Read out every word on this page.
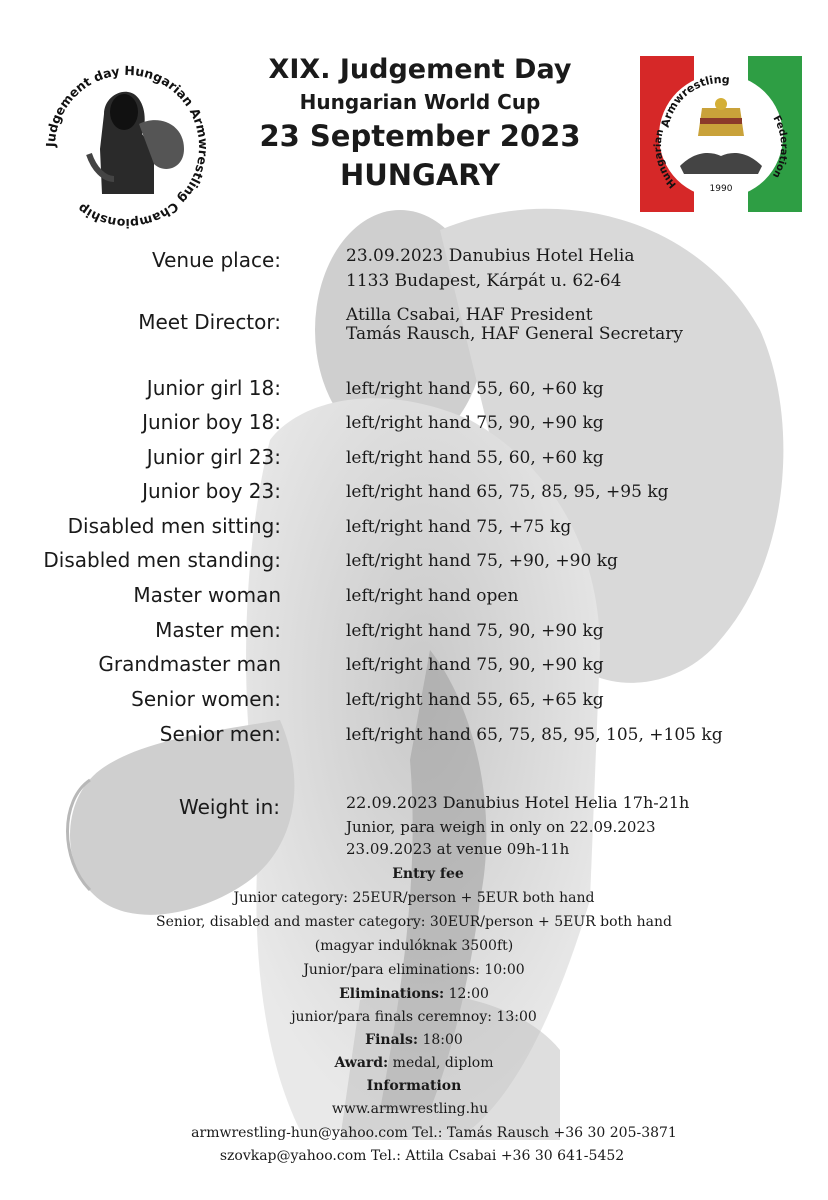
Judgement day Hungarian Armwrestling Championship
Armwrestling
Hungarian
Federation
1990
XIX. Judgement Day
Hungarian World Cup
23 September 2023
HUNGARY
Venue place:	23.09.2023 Danubius Hotel Helia
1133 Budapest, Kárpát u. 62-64
Meet Director:	Atilla Csabai, HAF President
Tamás Rausch, HAF General Secretary
Junior girl 18:	left/right hand 55, 60, +60 kg
Junior boy 18:	left/right hand 75, 90, +90 kg
Junior girl 23:	left/right hand 55, 60, +60 kg
Junior boy 23:	left/right hand 65, 75, 85, 95, +95 kg
Disabled men sitting:	left/right hand 75, +75 kg
Disabled men standing:	left/right hand 75, +90, +90 kg
Master woman	left/right hand open
Master men:	left/right hand 75, 90, +90 kg
Grandmaster man	left/right hand 75, 90, +90 kg
Senior women:	left/right hand 55, 65, +65 kg
Senior men:	left/right hand 65, 75, 85, 95, 105, +105 kg
Weight in:	22.09.2023 Danubius Hotel Helia 17h-21h
Junior, para weigh in only on 22.09.2023
23.09.2023 at venue 09h-11h
Entry fee
Junior category: 25EUR/person + 5EUR both hand
Senior, disabled and master category: 30EUR/person + 5EUR both hand
(magyar indulóknak 3500ft)
Junior/para eliminations: 10:00
Eliminations: 12:00
junior/para finals ceremnoy: 13:00
Finals: 18:00
Award: medal, diplom
Information
www.armwrestling.hu
armwrestling-hun@yahoo.com Tel.: Tamás Rausch +36 30 205-3871
szovkap@yahoo.com Tel.: Attila Csabai +36 30 641-5452
